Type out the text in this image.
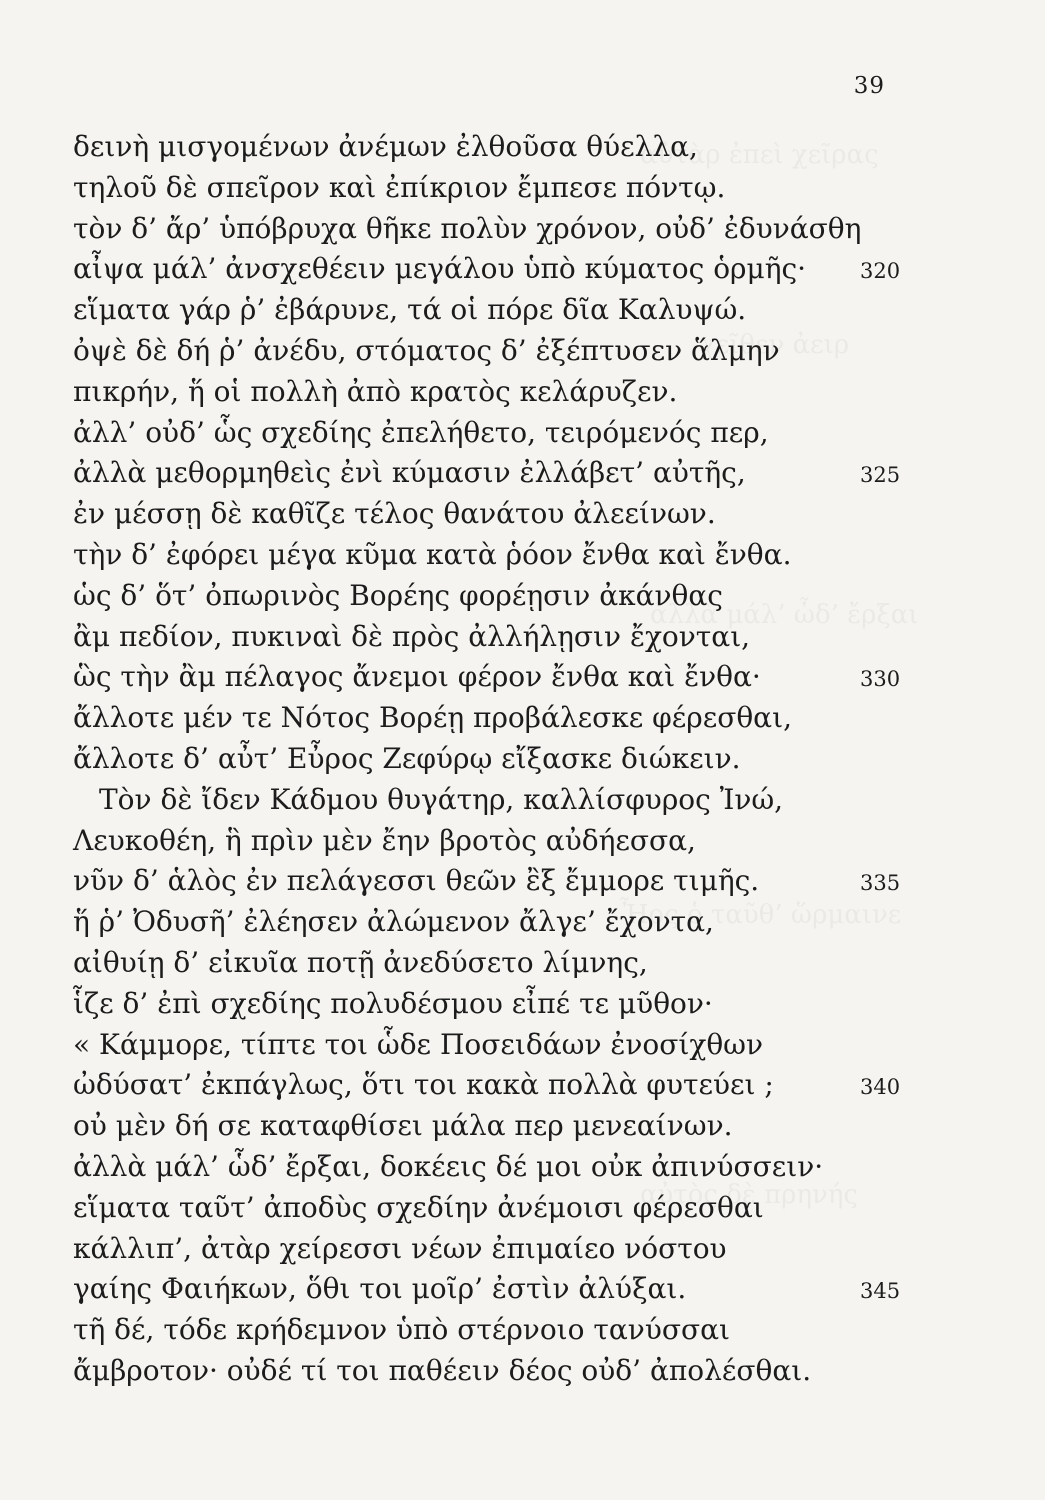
39
δεινὴ μισγομένων ἀνέμων ἐλθοῦσα θύελλα,
τηλοῦ δὲ σπεῖρον καὶ ἐπίκριον ἔμπεσε πόντῳ.
τὸν δ’ ἄρ’ ὑπόβρυχα θῆκε πολὺν χρόνον, οὐδ’ ἐδυνάσθη
αἶψα μάλ’ ἀνσχεθέειν μεγάλου ὑπὸ κύματος ὁρμῆς·	320
εἵματα γάρ ῥ’ ἐβάρυνε, τά οἱ πόρε δῖα Καλυψώ.
ὀψὲ δὲ δή ῥ’ ἀνέδυ, στόματος δ’ ἐξέπτυσεν ἅλμην
πικρήν, ἥ οἱ πολλὴ ἀπὸ κρατὸς κελάρυζεν.
ἀλλ’ οὐδ’ ὧς σχεδίης ἐπελήθετο, τειρόμενός περ,
ἀλλὰ μεθορμηθεὶς ἐνὶ κύμασιν ἐλλάβετ’ αὐτῆς,	325
ἐν μέσσῃ δὲ καθῖζε τέλος θανάτου ἀλεείνων.
τὴν δ’ ἐφόρει μέγα κῦμα κατὰ ῥόον ἔνθα καὶ ἔνθα.
ὡς δ’ ὅτ’ ὀπωρινὸς Βορέης φορέῃσιν ἀκάνθας
ἂμ πεδίον, πυκιναὶ δὲ πρὸς ἀλλήλῃσιν ἔχονται,
ὣς τὴν ἂμ πέλαγος ἄνεμοι φέρον ἔνθα καὶ ἔνθα·	330
ἄλλοτε μέν τε Νότος Βορέῃ προβάλεσκε φέρεσθαι,
ἄλλοτε δ’ αὖτ’ Εὖρος Ζεφύρῳ εἴξασκε διώκειν.
Τὸν δὲ ἴδεν Κάδμου θυγάτηρ, καλλίσφυρος Ἰνώ,
Λευκοθέη, ἣ πρὶν μὲν ἔην βροτὸς αὐδήεσσα,
νῦν δ’ ἁλὸς ἐν πελάγεσσι θεῶν ἒξ ἔμμορε τιμῆς.	335
ἥ ῥ’ Ὀδυσῆ’ ἐλέησεν ἀλώμενον ἄλγε’ ἔχοντα,
αἰθυίῃ δ’ εἰκυῖα ποτῇ ἀνεδύσετο λίμνης,
ἷζε δ’ ἐπὶ σχεδίης πολυδέσμου εἶπέ τε μῦθον·
« Κάμμορε, τίπτε τοι ὧδε Ποσειδάων ἐνοσίχθων
ὠδύσατ’ ἐκπάγλως, ὅτι τοι κακὰ πολλὰ φυτεύει ;	340
οὐ μὲν δή σε καταφθίσει μάλα περ μενεαίνων.
ἀλλὰ μάλ’ ὧδ’ ἔρξαι, δοκέεις δέ μοι οὐκ ἀπινύσσειν·
εἵματα ταῦτ’ ἀποδὺς σχεδίην ἀνέμοισι φέρεσθαι
κάλλιπ’, ἀτὰρ χείρεσσι νέων ἐπιμαίεο νόστου
γαίης Φαιήκων, ὅθι τοι μοῖρ’ ἐστὶν ἀλύξαι.	345
τῆ δέ, τόδε κρήδεμνον ὑπὸ στέρνοιο τανύσσαι
ἄμβροτον· οὐδέ τί τοι παθέειν δέος οὐδ’ ἀπολέσθαι.
